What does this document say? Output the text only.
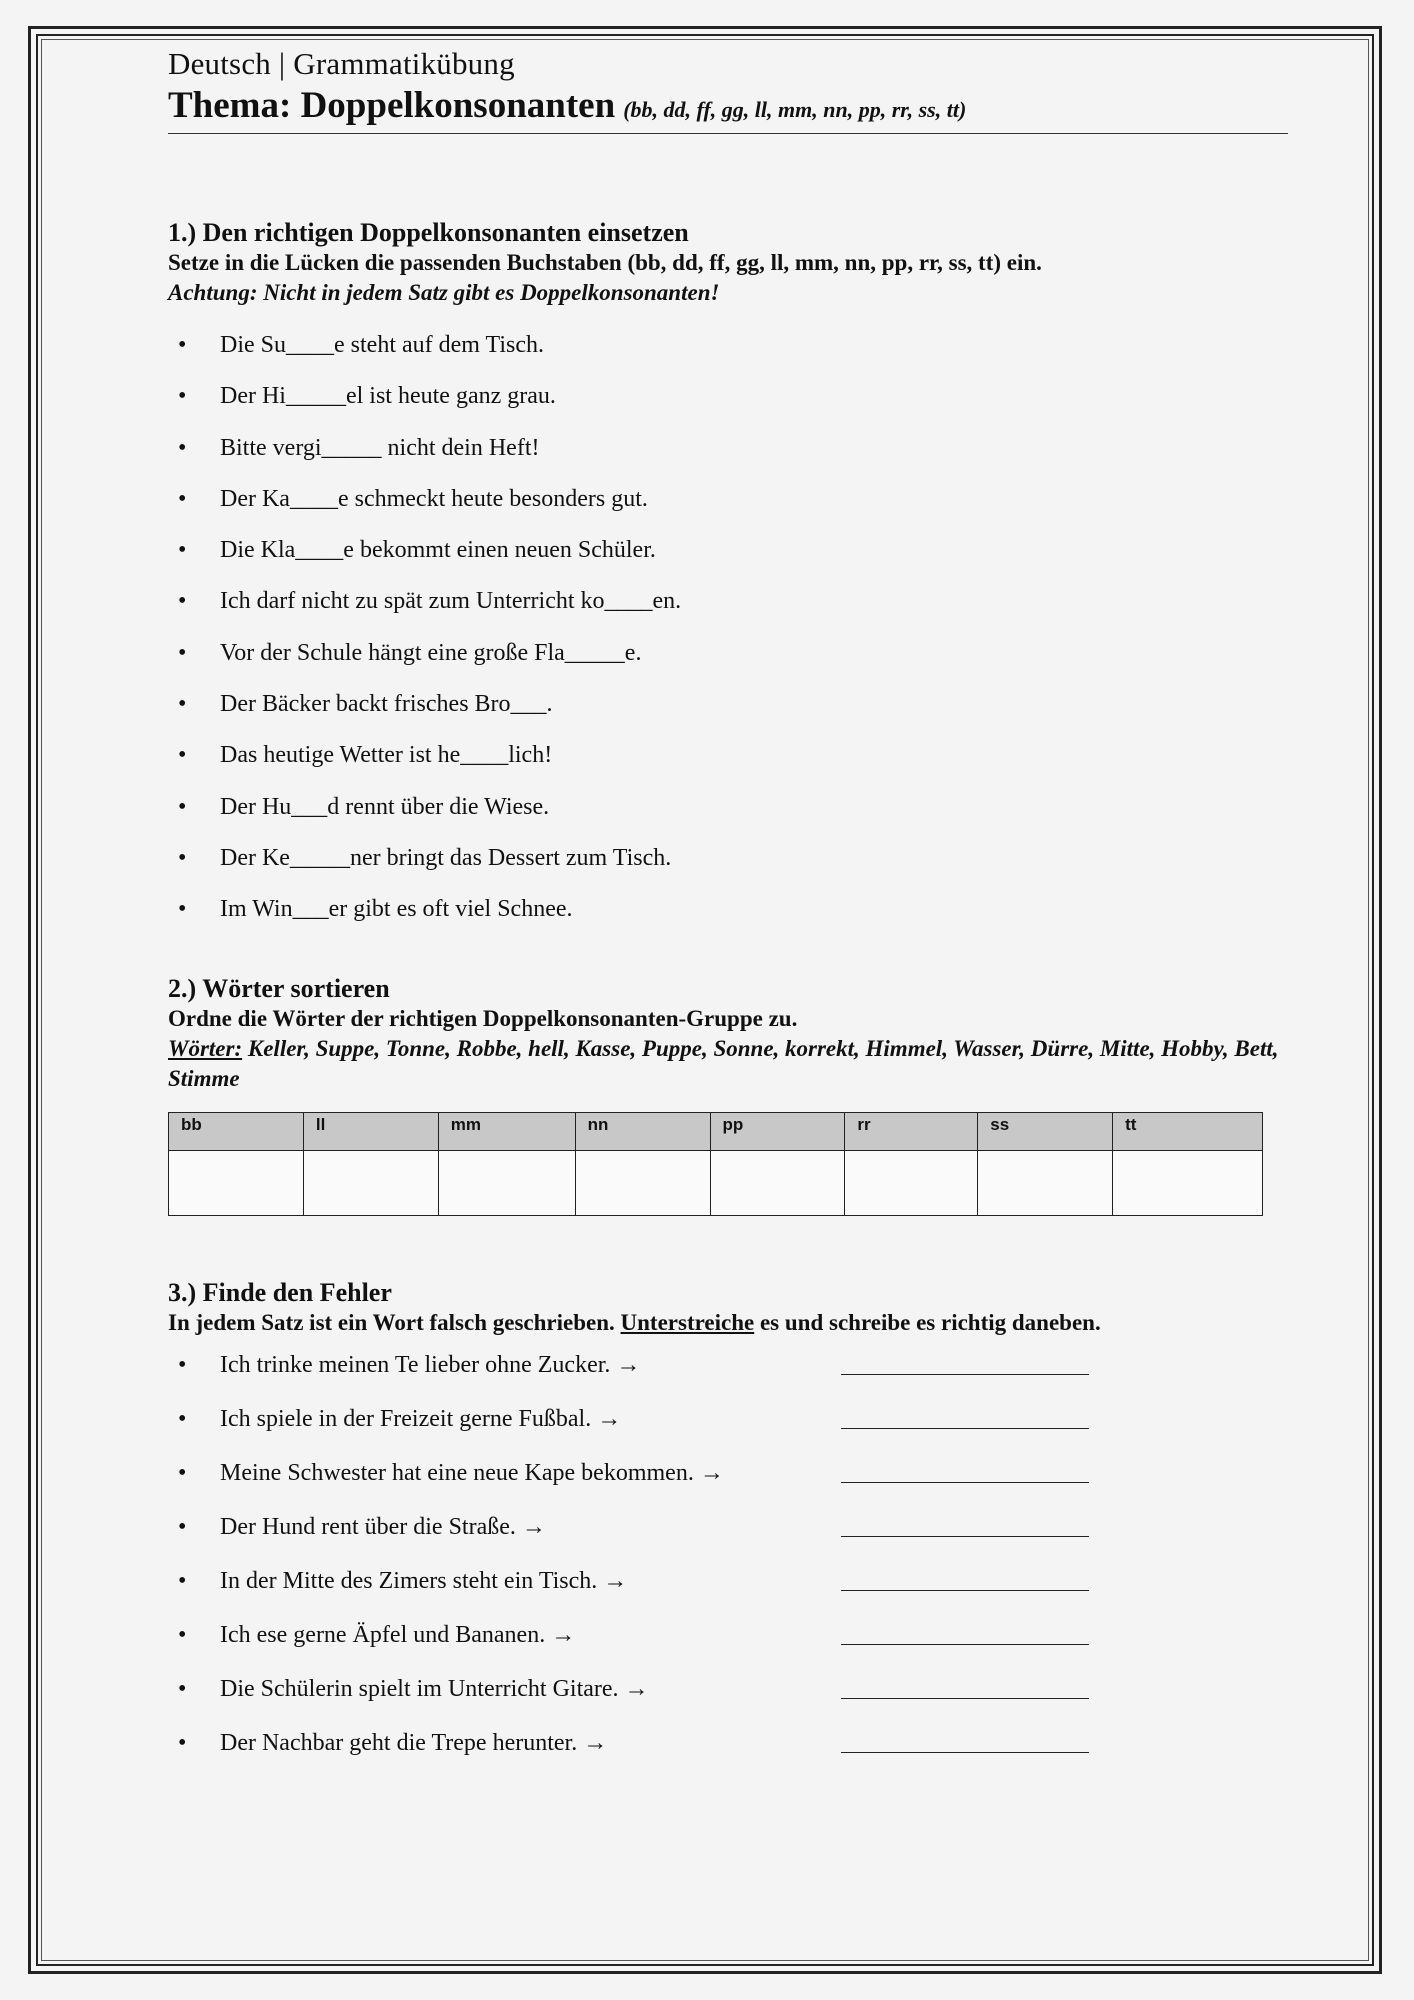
Deutsch | Grammatikübung
Thema: Doppelkonsonanten (bb, dd, ff, gg, ll, mm, nn, pp, rr, ss, tt)
1.) Den richtigen Doppelkonsonanten einsetzen
Setze in die Lücken die passenden Buchstaben (bb, dd, ff, gg, ll, mm, nn, pp, rr, ss, tt) ein.
Achtung: Nicht in jedem Satz gibt es Doppelkonsonanten!
• Die Su____e steht auf dem Tisch.
• Der Hi_____el ist heute ganz grau.
• Bitte vergi_____ nicht dein Heft!
• Der Ka____e schmeckt heute besonders gut.
• Die Kla____e bekommt einen neuen Schüler.
• Ich darf nicht zu spät zum Unterricht ko____en.
• Vor der Schule hängt eine große Fla_____e.
• Der Bäcker backt frisches Bro___.
• Das heutige Wetter ist he____lich!
• Der Hu___d rennt über die Wiese.
• Der Ke_____ner bringt das Dessert zum Tisch.
• Im Win___er gibt es oft viel Schnee.
2.) Wörter sortieren
Ordne die Wörter der richtigen Doppelkonsonanten-Gruppe zu.
Wörter: Keller, Suppe, Tonne, Robbe, hell, Kasse, Puppe, Sonne, korrekt, Himmel, Wasser, Dürre, Mitte, Hobby, Bett, Stimme
bb	ll	mm	nn	pp	rr	ss	tt

3.) Finde den Fehler
In jedem Satz ist ein Wort falsch geschrieben. Unterstreiche es und schreibe es richtig daneben.
• Ich trinke meinen Te lieber ohne Zucker. →
• Ich spiele in der Freizeit gerne Fußbal. →
• Meine Schwester hat eine neue Kape bekommen. →
• Der Hund rent über die Straße. →
• In der Mitte des Zimers steht ein Tisch. →
• Ich ese gerne Äpfel und Bananen. →
• Die Schülerin spielt im Unterricht Gitare. →
• Der Nachbar geht die Trepe herunter. →
